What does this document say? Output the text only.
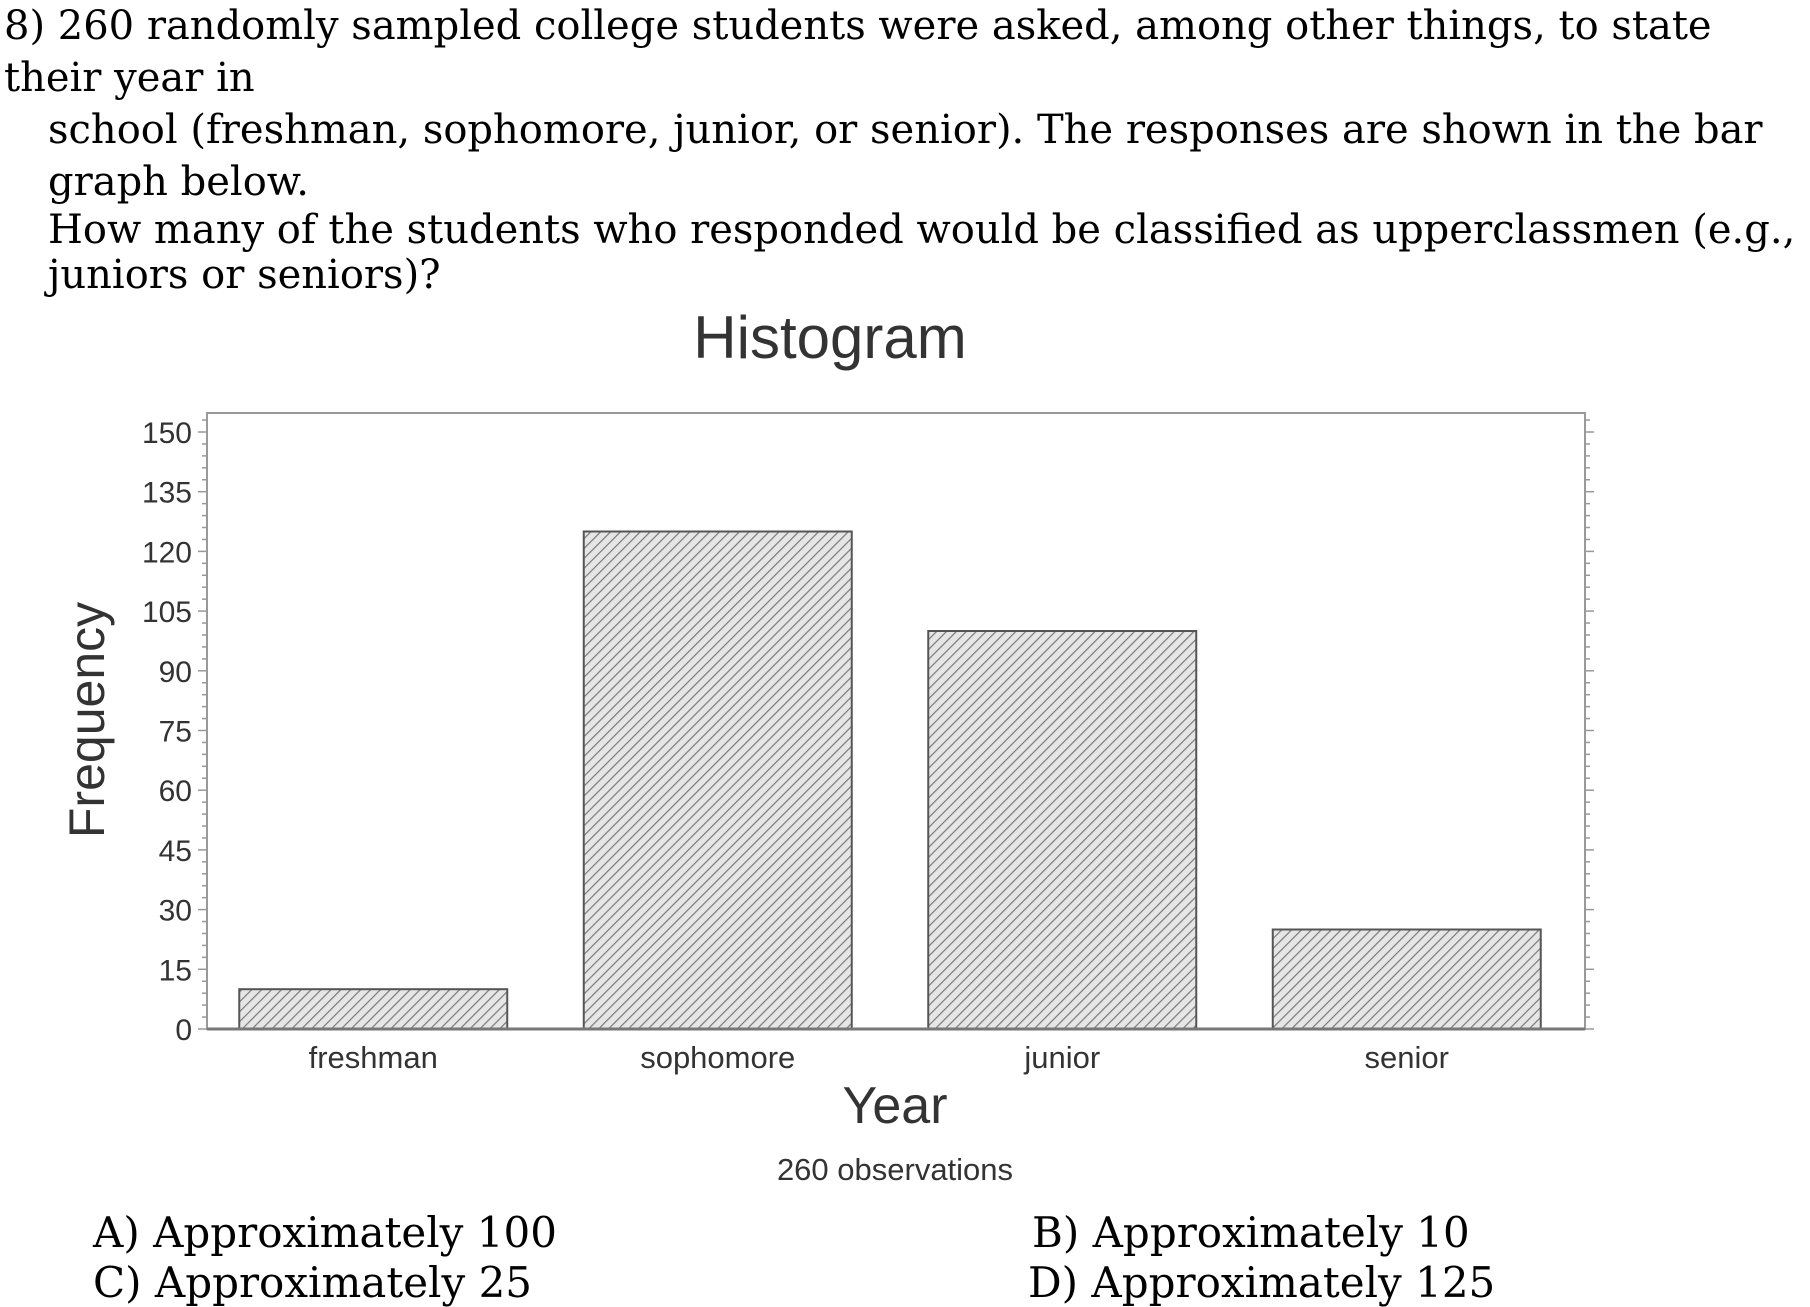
8) 260 randomly sampled college students were asked, among other things, to state their year in

school (freshman, sophomore, junior, or senior). The responses are shown in the bar graph below.

How many of the students who responded would be classified as upperclassmen (e.g., juniors or seniors)?

Histogram
0
15
30
45
60
75
90
105
120
135
150
freshman	sophomore	junior	senior
Frequency
Year
260 observations
A) Approximately 100	B) Approximately 10
C) Approximately 25	D) Approximately 125
